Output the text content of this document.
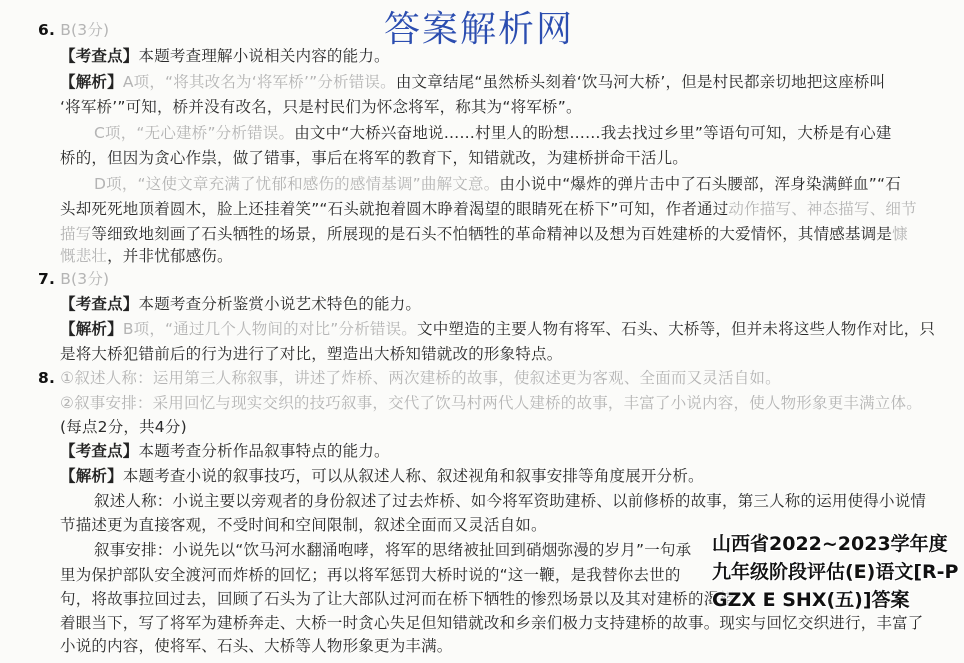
答案解析网
6. B(3分)
【考查点】本题考查理解小说相关内容的能力。
【解析】A项，“将其改名为‘将军桥’”分析错误。由文章结尾“虽然桥头刻着‘饮马河大桥’，但是村民都亲切地把这座桥叫
‘将军桥’”可知，桥并没有改名，只是村民们为怀念将军，称其为“将军桥”。
C项，“无心建桥”分析错误。由文中“大桥兴奋地说……村里人的盼想……我去找过乡里”等语句可知，大桥是有心建
桥的，但因为贪心作祟，做了错事，事后在将军的教育下，知错就改，为建桥拼命干活儿。
D项，“这使文章充满了忧郁和感伤的感情基调”曲解文意。由小说中“爆炸的弹片击中了石头腰部，浑身染满鲜血”“石
头却死死地顶着圆木，脸上还挂着笑”“石头就抱着圆木睁着渴望的眼睛死在桥下”可知，作者通过动作描写、神态描写、细节
描写等细致地刻画了石头牺牲的场景，所展现的是石头不怕牺牲的革命精神以及想为百姓建桥的大爱情怀，其情感基调是慷
慨悲壮，并非忧郁感伤。
7. B(3分)
【考查点】本题考查分析鉴赏小说艺术特色的能力。
【解析】B项，“通过几个人物间的对比”分析错误。文中塑造的主要人物有将军、石头、大桥等，但并未将这些人物作对比，只
是将大桥犯错前后的行为进行了对比，塑造出大桥知错就改的形象特点。
8. ①叙述人称：运用第三人称叙事，讲述了炸桥、两次建桥的故事，使叙述更为客观、全面而又灵活自如。
②叙事安排：采用回忆与现实交织的技巧叙事，交代了饮马村两代人建桥的故事，丰富了小说内容，使人物形象更丰满立体。
(每点2分，共4分)
【考查点】本题考查分析作品叙事特点的能力。
【解析】本题考查小说的叙事技巧，可以从叙述人称、叙述视角和叙事安排等角度展开分析。
叙述人称：小说主要以旁观者的身份叙述了过去炸桥、如今将军资助建桥、以前修桥的故事，第三人称的运用使得小说情
节描述更为直接客观，不受时间和空间限制，叙述全面而又灵活自如。
叙事安排：小说先以“饮马河水翻涌咆哮，将军的思绪被扯回到硝烟弥漫的岁月”一句承
里为保护部队安全渡河而炸桥的回忆；再以将军惩罚大桥时说的“这一鞭，是我替你去世的
句，将故事拉回过去，回顾了石头为了让大部队过河而在桥下牺牲的惨烈场景以及其对建桥的渴望
着眼当下，写了将军为建桥奔走、大桥一时贪心失足但知错就改和乡亲们极力支持建桥的故事。现实与回忆交织进行，丰富了
小说的内容，使将军、石头、大桥等人物形象更为丰满。
山西省2022~2023学年度九年级阶段评估(E)语文[R-PGZX E SHX(五)]答案
